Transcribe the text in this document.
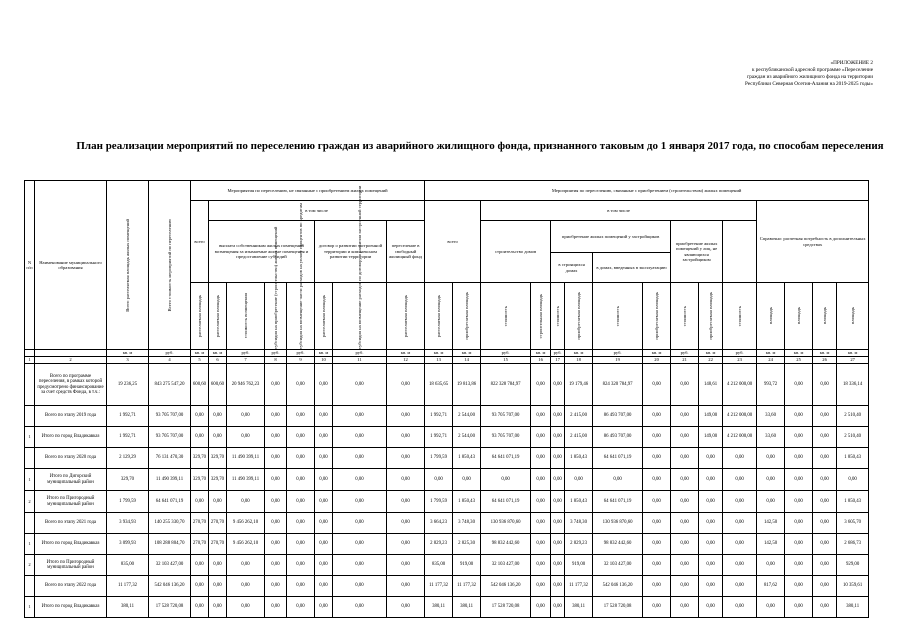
«ПРИЛОЖЕНИЕ 2
к республиканской адресной программе «Переселение
граждан из аварийного жилищного фонда на территории
Республики Северная Осетия-Алания на 2019-2025 годы»
План реализации мероприятий по переселению граждан из аварийного жилищного фонда, признанного таковым до 1 января 2017 года, по способам переселения
N п/п	Наименование муниципального образования	Всего расселяемая площадь жилых помещений	Всего стоимость мероприятий по переселению	Мероприятия по переселению, не связанные с приобретением жилых помещений								Мероприятия по переселению, связанные с приобретением (строительством) жилых помещений														
				всего	в том числе							всего		в том числе									Справочно: расчетная потребность в дополнительных средствах			
					выплата собственникам жилых помещений возмещения за изымаемые жилые помещения и предоставление субсидий				договор о развитии застроенной территории и комплексном развитии территории		переселение в свободный жилищный фонд			строительство домов		приобретение жилых помещений у застройщиков				приобретение жилых помещений у лиц, не являющихся застройщиком						
																в строящихся домах		в домах, введенных в эксплуатацию								

				расселяемая площадь	расселяемая площадь	стоимость возмещения	субсидия на приобретение (строительство) жилых помещений	субсидия на возмещение части расходов на уплату процентов по кредитам	расселяемая площадь	субсидия на возмещение расходов по договору о развитии застроенной территории	расселяемая площадь	расселяемая площадь	приобретаемая площадь	стоимость	строительная площадь	стоимость	приобретаемая площадь	стоимость	приобретаемая площадь	стоимость	приобретаемая площадь	стоимость	площадь	площадь	площадь	площадь

		кв. м	руб.	кв. м	кв. м	руб.	руб.	руб.	кв. м	руб.	кв. м	кв. м	кв. м	руб.	кв. м	руб.	кв. м	руб.	кв. м	руб.	кв. м	руб.	кв. м	кв. м	кв. м	кв. м
1	2	3	4	5	6	7	8	9	10	11	12	13	14	15	16	17	18	19	20	21	22	23	24	25	26	27
	Всего по программе переселения, в рамках которой предусмотрено финансирование за счет средств Фонда, в т.ч.:	19 236,25	843 275 547,20	600,60	600,60	20 946 762,23	0,00	0,00	0,00	0,00	0,00	18 635,65	19 813,86	822 328 784,97	0,00	0,00	19 179,46	824 320 784,97	0,00	0,00	148,61	4 212 000,00	993,72	0,00	0,00	18 336,14
	Всего по этапу 2019 года	1 992,71	93 705 707,00	0,00	0,00	0,00	0,00	0,00	0,00	0,00	0,00	1 992,71	2 544,00	93 705 707,00	0,00	0,00	2 415,00	86 493 707,00	0,00	0,00	149,00	4 212 000,00	33,60	0,00	0,00	2 510,40
1	Итого по город Владикавказ	1 992,71	93 705 707,00	0,00	0,00	0,00	0,00	0,00	0,00	0,00	0,00	1 992,71	2 544,00	93 705 707,00	0,00	0,00	2 415,00	86 493 707,00	0,00	0,00	149,00	4 212 000,00	33,60	0,00	0,00	2 510,40
	Всего по этапу 2020 года	2 129,29	76 131 470,30	329,70	329,70	11 490 399,11	0,00	0,00	0,00	0,00	0,00	1 799,59	1 850,43	64 641 071,19	0,00	0,00	1 850,43	64 641 071,19	0,00	0,00	0,00	0,00	0,00	0,00	0,00	1 850,43
1	Итого по Дигорский муниципальный район	329,70	11 490 399,11	329,70	329,70	11 490 399,11	0,00	0,00	0,00	0,00	0,00	0,00	0,00	0,00	0,00	0,00	0,00	0,00	0,00	0,00	0,00	0,00	0,00	0,00	0,00	0,00
2	Итого по Пригородный муниципальный район	1 799,59	64 641 071,19	0,00	0,00	0,00	0,00	0,00	0,00	0,00	0,00	1 799,59	1 850,43	64 641 071,19	0,00	0,00	1 850,43	64 641 071,19	0,00	0,00	0,00	0,00	0,00	0,00	0,00	1 850,43
	Всего по этапу 2021 года	3 934,93	140 255 330,70	270,70	270,70	9 456 262,10	0,00	0,00	0,00	0,00	0,00	3 664,23	3 748,30	130 936 870,60	0,00	0,00	3 748,30	130 936 870,60	0,00	0,00	0,00	0,00	142,50	0,00	0,00	3 605,70
1	Итого по город Владикавказ	3 099,93	108 288 804,70	270,70	270,70	9 456 262,10	0,00	0,00	0,00	0,00	0,00	2 829,23	2 825,30	98 832 442,60	0,00	0,00	2 829,23	98 832 442,60	0,00	0,00	0,00	0,00	142,50	0,00	0,00	2 686,73
2	Итого по Пригородный муниципальный район	835,00	32 103 427,00	0,00	0,00	0,00	0,00	0,00	0,00	0,00	0,00	835,00	919,00	32 103 427,00	0,00	0,00	919,00	32 103 427,00	0,00	0,00	0,00	0,00	0,00	0,00	0,00	929,00
	Всего по этапу 2022 года	11 177,32	542 046 136,20	0,00	0,00	0,00	0,00	0,00	0,00	0,00	0,00	11 177,32	11 177,32	542 046 136,20	0,00	0,00	11 177,32	542 046 136,20	0,00	0,00	0,00	0,00	817,62	0,00	0,00	10 359,61
1	Итого по город Владикавказ	380,11	17 528 720,08	0,00	0,00	0,00	0,00	0,00	0,00	0,00	0,00	380,11	380,11	17 528 720,08	0,00	0,00	380,11	17 528 720,08	0,00	0,00	0,00	0,00	0,00	0,00	0,00	380,11
